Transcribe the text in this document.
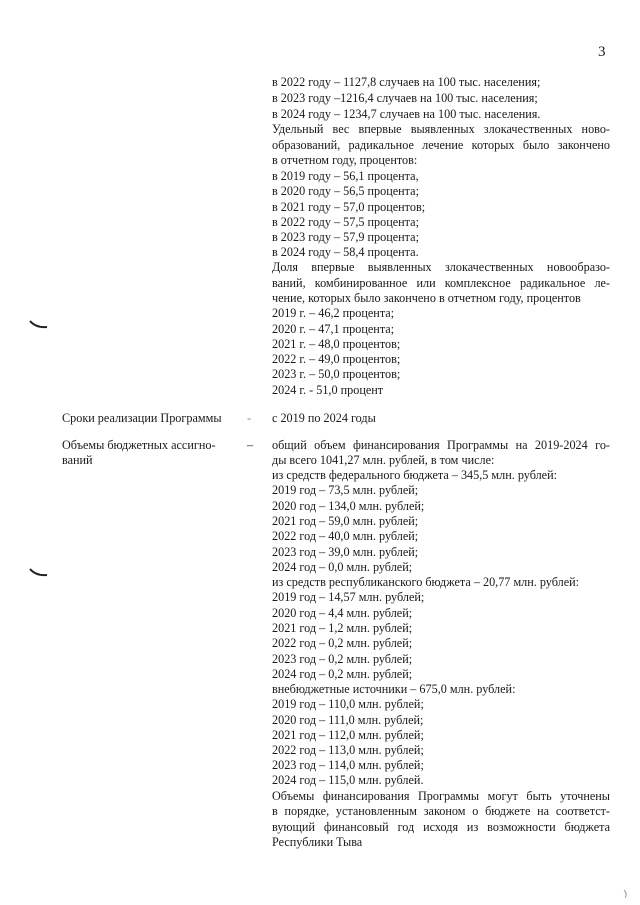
3
в 2022 году – 1127,8 случаев на 100 тыс. населения;
в 2023 году –1216,4 случаев на 100 тыс. населения;
в 2024 году – 1234,7 случаев на 100 тыс. населения.
Удельный вес впервые выявленных злокачественных ново-
образований, радикальное лечение которых было закончено
в отчетном году, процентов:
в 2019 году – 56,1 процента,
в 2020 году – 56,5 процента;
в 2021 году – 57,0 процентов;
в 2022 году – 57,5 процента;
в 2023 году – 57,9 процента;
в 2024 году – 58,4 процента.
Доля впервые выявленных злокачественных новообразо-
ваний, комбинированное или комплексное радикальное ле-
чение, которых было закончено в отчетном году, процентов
2019 г. – 46,2 процента;
2020 г. – 47,1 процента;
2021 г. – 48,0 процентов;
2022 г. – 49,0 процентов;
2023 г. – 50,0 процентов;
2024 г. - 51,0 процент
Сроки реализации Программы - с 2019 по 2024 годы
Объемы бюджетных ассигно-
ваний
– общий объем финансирования Программы на 2019-2024 го-
ды всего 1041,27 млн. рублей, в том числе:
из средств федерального бюджета – 345,5 млн. рублей:
2019 год – 73,5 млн. рублей;
2020 год – 134,0 млн. рублей;
2021 год – 59,0 млн. рублей;
2022 год – 40,0 млн. рублей;
2023 год – 39,0 млн. рублей;
2024 год – 0,0 млн. рублей;
из средств республиканского бюджета – 20,77 млн. рублей:
2019 год – 14,57 млн. рублей;
2020 год – 4,4 млн. рублей;
2021 год – 1,2 млн. рублей;
2022 год – 0,2 млн. рублей;
2023 год – 0,2 млн. рублей;
2024 год – 0,2 млн. рублей;
внебюджетные источники – 675,0 млн. рублей:
2019 год – 110,0 млн. рублей;
2020 год – 111,0 млн. рублей;
2021 год – 112,0 млн. рублей;
2022 год – 113,0 млн. рублей;
2023 год – 114,0 млн. рублей;
2024 год – 115,0 млн. рублей.
Объемы финансирования Программы могут быть уточнены
в порядке, установленным законом о бюджете на соответст-
вующий финансовый год исходя из возможности бюджета
Республики Тыва
